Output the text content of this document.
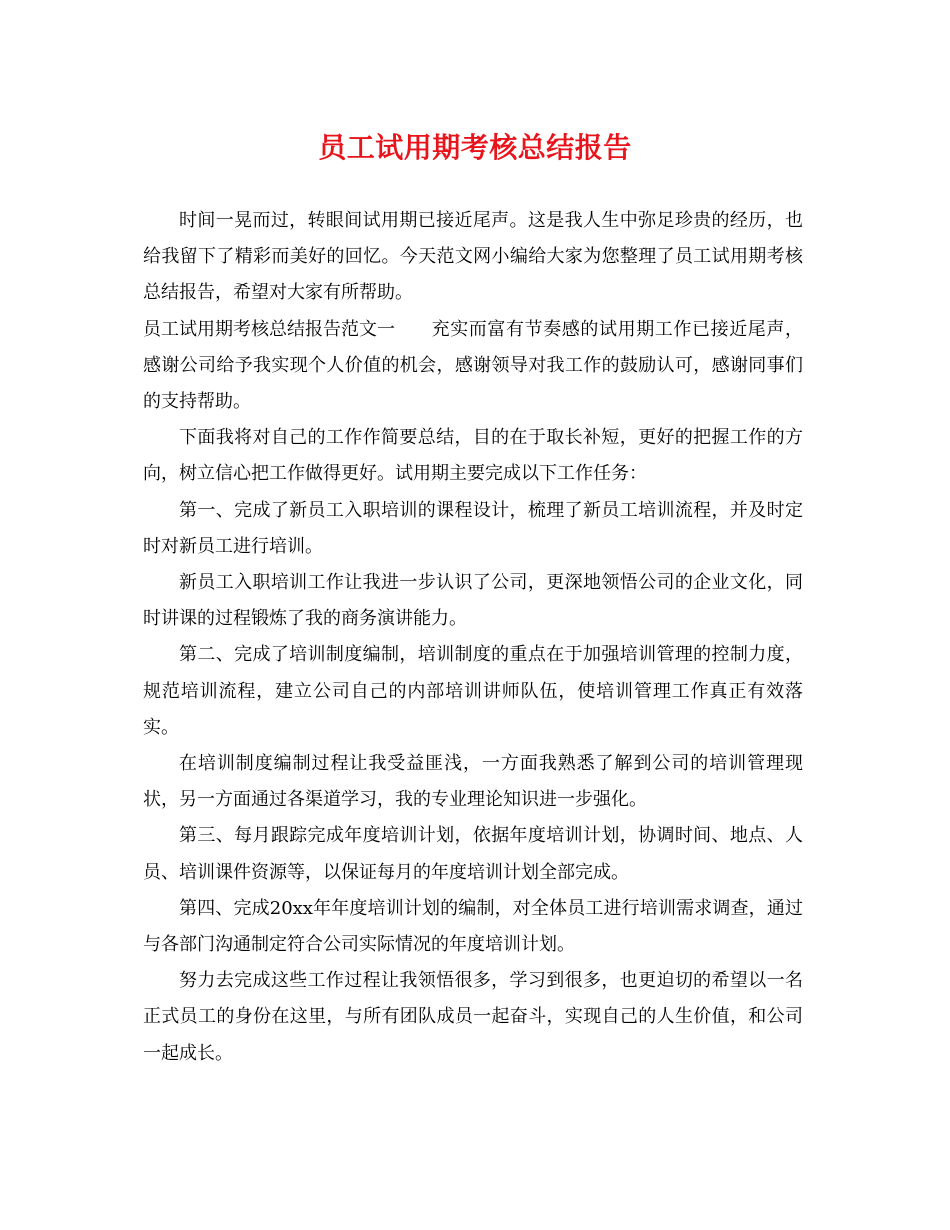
员工试用期考核总结报告

时间一晃而过，转眼间试用期已接近尾声。这是我人生中弥足珍贵的经历，也给我留下了精彩而美好的回忆。今天范文网小编给大家为您整理了员工试用期考核总结报告，希望对大家有所帮助。

员工试用期考核总结报告范文一 充实而富有节奏感的试用期工作已接近尾声，感谢公司给予我实现个人价值的机会，感谢领导对我工作的鼓励认可，感谢同事们的支持帮助。

下面我将对自己的工作作简要总结，目的在于取长补短，更好的把握工作的方向，树立信心把工作做得更好。试用期主要完成以下工作任务：

第一、完成了新员工入职培训的课程设计，梳理了新员工培训流程，并及时定时对新员工进行培训。

新员工入职培训工作让我进一步认识了公司，更深地领悟公司的企业文化，同时讲课的过程锻炼了我的商务演讲能力。

第二、完成了培训制度编制，培训制度的重点在于加强培训管理的控制力度，规范培训流程，建立公司自己的内部培训讲师队伍，使培训管理工作真正有效落实。

在培训制度编制过程让我受益匪浅，一方面我熟悉了解到公司的培训管理现状，另一方面通过各渠道学习，我的专业理论知识进一步强化。

第三、每月跟踪完成年度培训计划，依据年度培训计划，协调时间、地点、人员、培训课件资源等，以保证每月的年度培训计划全部完成。

第四、完成20xx年年度培训计划的编制，对全体员工进行培训需求调查，通过与各部门沟通制定符合公司实际情况的年度培训计划。

努力去完成这些工作过程让我领悟很多，学习到很多，也更迫切的希望以一名正式员工的身份在这里，与所有团队成员一起奋斗，实现自己的人生价值，和公司一起成长。
